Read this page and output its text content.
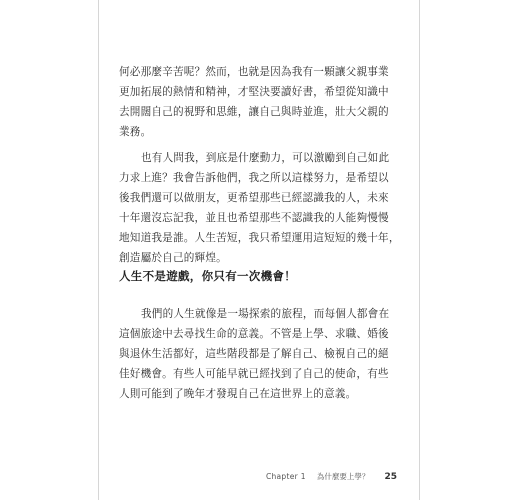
何必那麼辛苦呢？然而，也就是因為我有一顆讓父親事業
更加拓展的熱情和精神，才堅決要讀好書，希望從知識中
去開闊自己的視野和思維，讓自己與時並進，壯大父親的
業務。
也有人問我，到底是什麼動力，可以激勵到自己如此
力求上進？我會告訴他們，我之所以這樣努力，是希望以
後我們還可以做朋友，更希望那些已經認識我的人，未來
十年還沒忘記我，並且也希望那些不認識我的人能夠慢慢
地知道我是誰。人生苦短，我只希望運用這短短的幾十年，
創造屬於自己的輝煌。
人生不是遊戲，你只有一次機會！
我們的人生就像是一場探索的旅程，而每個人都會在
這個旅途中去尋找生命的意義。不管是上學、求職、婚後
與退休生活都好，這些階段都是了解自己、檢視自己的絕
佳好機會。有些人可能早就已經找到了自己的使命，有些
人則可能到了晚年才發現自己在這世界上的意義。
Chapter 1 為什麼要上學？ 25
